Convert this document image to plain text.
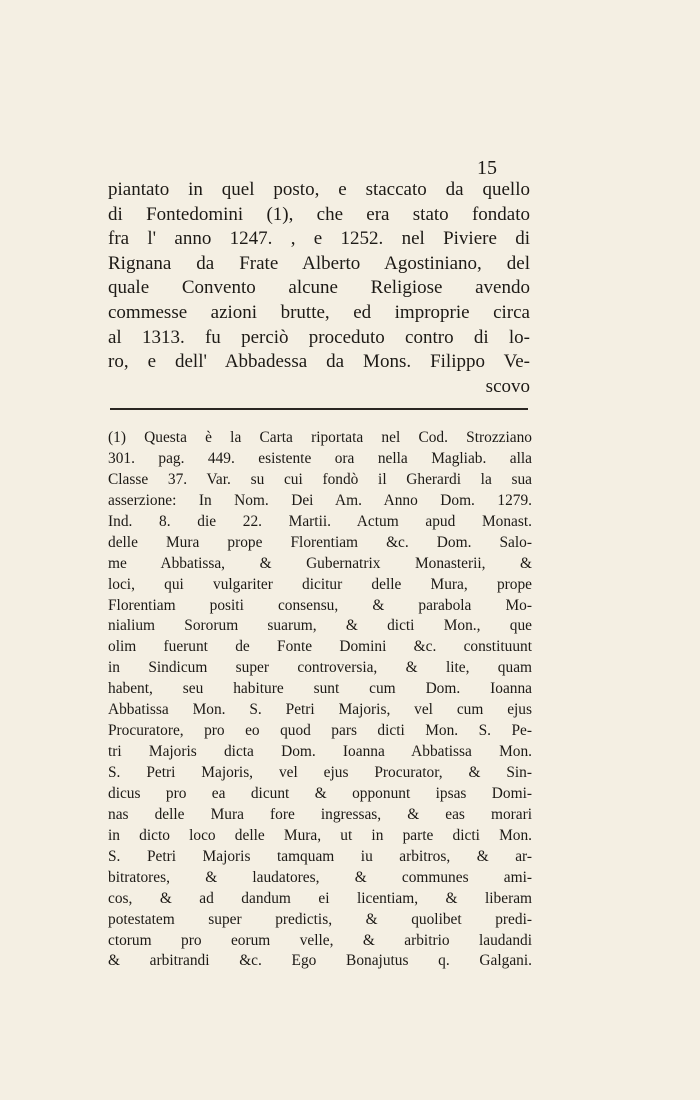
15
piantato in quel posto, e staccato da quello
di Fontedomini (1), che era stato fondato
fra l' anno 1247. , e 1252. nel Piviere di
Rignana da Frate Alberto Agostiniano, del
quale Convento alcune Religiose avendo
commesse azioni brutte, ed improprie circa
al 1313. fu perciò proceduto contro di lo-
ro, e dell' Abbadessa da Mons. Filippo Ve-
scovo
(1) Questa è la Carta riportata nel Cod. Strozziano
301. pag. 449. esistente ora nella Magliab. alla
Classe 37. Var. su cui fondò il Gherardi la sua
asserzione: In Nom. Dei Am. Anno Dom. 1279.
Ind. 8. die 22. Martii. Actum apud Monast.
delle Mura prope Florentiam &c. Dom. Salo-
me Abbatissa, & Gubernatrix Monasterii, &
loci, qui vulgariter dicitur delle Mura, prope
Florentiam positi consensu, & parabola Mo-
nialium Sororum suarum, & dicti Mon., que
olim fuerunt de Fonte Domini &c. constituunt
in Sindicum super controversia, & lite, quam
habent, seu habiture sunt cum Dom. Ioanna
Abbatissa Mon. S. Petri Majoris, vel cum ejus
Procuratore, pro eo quod pars dicti Mon. S. Pe-
tri Majoris dicta Dom. Ioanna Abbatissa Mon.
S. Petri Majoris, vel ejus Procurator, & Sin-
dicus pro ea dicunt & opponunt ipsas Domi-
nas delle Mura fore ingressas, & eas morari
in dicto loco delle Mura, ut in parte dicti Mon.
S. Petri Majoris tamquam iu arbitros, & ar-
bitratores, & laudatores, & communes ami-
cos, & ad dandum ei licentiam, & liberam
potestatem super predictis, & quolibet predi-
ctorum pro eorum velle, & arbitrio laudandi
& arbitrandi &c. Ego Bonajutus q. Galgani.
